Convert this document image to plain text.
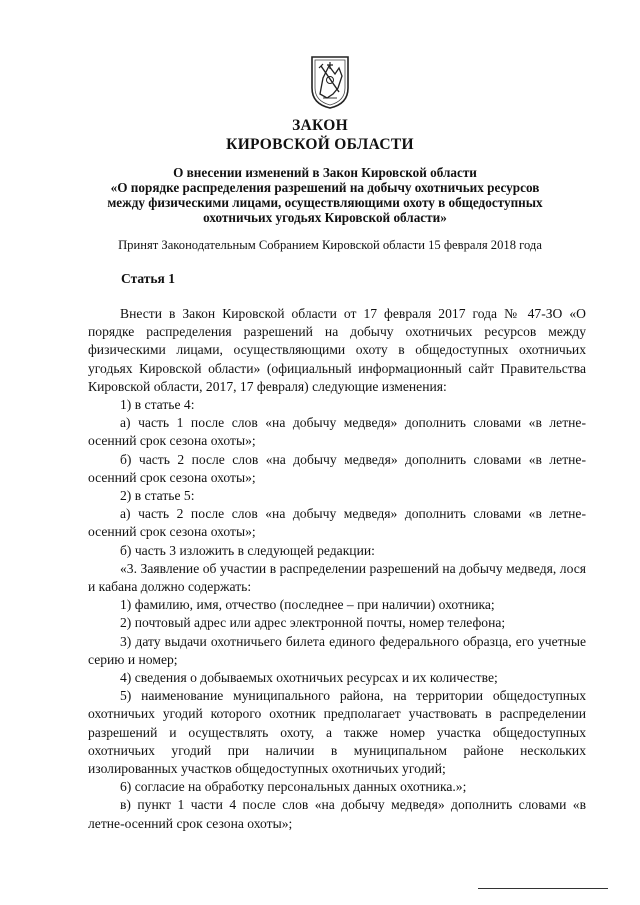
ЗАКОН
КИРОВСКОЙ ОБЛАСТИ
О внесении изменений в Закон Кировской области
«О порядке распределения разрешений на добычу охотничьих ресурсов
между физическими лицами, осуществляющими охоту в общедоступных
охотничьих угодьях Кировской области»
Принят Законодательным Собранием Кировской области 15 февраля 2018 года
Статья 1

Внести в Закон Кировской области от 17 февраля 2017 года № 47-ЗО «О порядке распределения разрешений на добычу охотничьих ресурсов между физическими лицами, осуществляющими охоту в общедоступных охотничьих угодьях Кировской области» (официальный информационный сайт Правительства Кировской области, 2017, 17 февраля) следующие изменения:

1) в статье 4:

а) часть 1 после слов «на добычу медведя» дополнить словами «в летне-осенний срок сезона охоты»;

б) часть 2 после слов «на добычу медведя» дополнить словами «в летне-осенний срок сезона охоты»;

2) в статье 5:

а) часть 2 после слов «на добычу медведя» дополнить словами «в летне-осенний срок сезона охоты»;

б) часть 3 изложить в следующей редакции:

«3. Заявление об участии в распределении разрешений на добычу медведя, лося и кабана должно содержать:

1) фамилию, имя, отчество (последнее – при наличии) охотника;

2) почтовый адрес или адрес электронной почты, номер телефона;

3) дату выдачи охотничьего билета единого федерального образца, его учетные серию и номер;

4) сведения о добываемых охотничьих ресурсах и их количестве;

5) наименование муниципального района, на территории общедоступных охотничьих угодий которого охотник предполагает участвовать в распределении разрешений и осуществлять охоту, а также номер участка общедоступных охотничьих угодий при наличии в муниципальном районе нескольких изолированных участков общедоступных охотничьих угодий;

6) согласие на обработку персональных данных охотника.»;

в) пункт 1 части 4 после слов «на добычу медведя» дополнить словами «в летне-осенний срок сезона охоты»;
